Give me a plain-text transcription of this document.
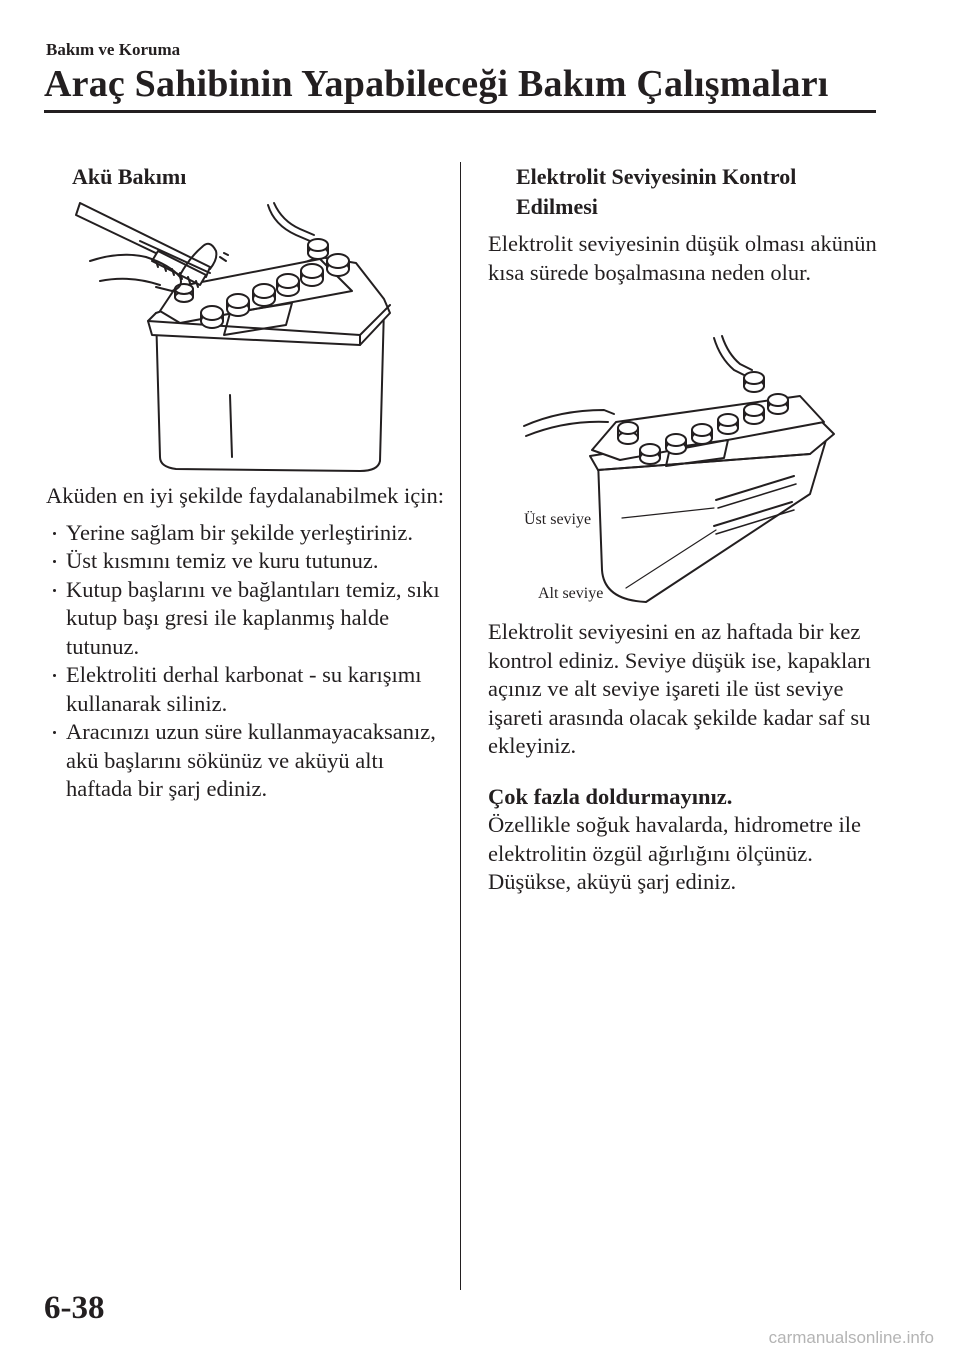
Bakım ve Koruma
Araç Sahibinin Yapabileceği Bakım Çalışmaları
Akü Bakımı

Aküden en iyi şekilde faydalanabilmek için:

Yerine sağlam bir şekilde yerleştiriniz.
Üst kısmını temiz ve kuru tutunuz.
Kutup başlarını ve bağlantıları temiz, sıkı kutup başı gresi ile kaplanmış halde tutunuz.
Elektroliti derhal karbonat - su karışımı kullanarak siliniz.
Aracınızı uzun süre kullanmayacaksanız, akü başlarını sökünüz ve aküyü altı haftada bir şarj ediniz.
Elektrolit Seviyesinin Kontrol Edilmesi

Elektrolit seviyesinin düşük olması akünün kısa sürede boşalmasına neden olur.

Üst seviye
Alt seviye

Elektrolit seviyesini en az haftada bir kez kontrol ediniz. Seviye düşük ise, kapakları açınız ve alt seviye işareti ile üst seviye işareti arasında olacak şekilde kadar saf su ekleyiniz.

Çok fazla doldurmayınız.

Özellikle soğuk havalarda, hidrometre ile elektrolitin özgül ağırlığını ölçünüz. Düşükse, aküyü şarj ediniz.

6-38
carmanualsonline.info
